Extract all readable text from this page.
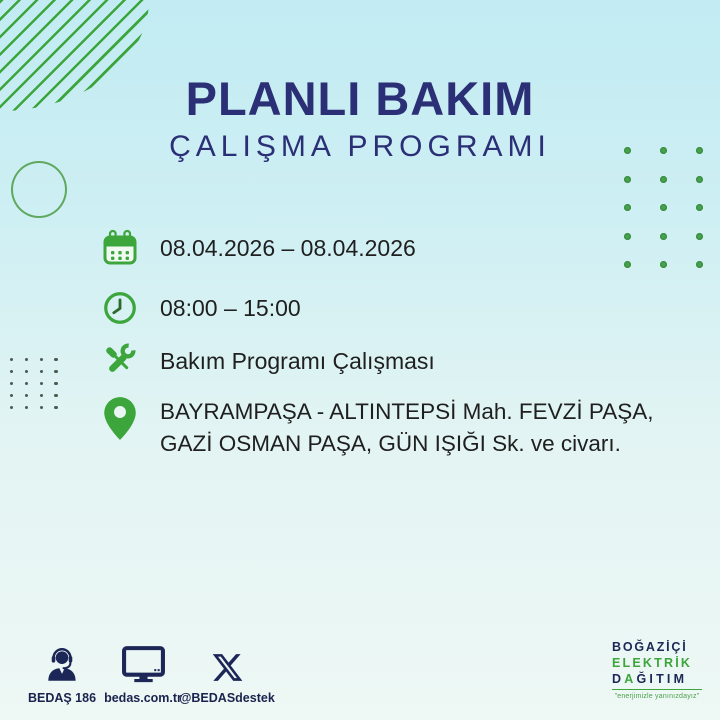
PLANLI BAKIM
ÇALIŞMA PROGRAMI
08.04.2026 – 08.04.2026
08:00 – 15:00
Bakım Programı Çalışması
BAYRAMPAŞA - ALTINTEPSİ Mah. FEVZİ PAŞA, GAZİ OSMAN PAŞA, GÜN IŞIĞI Sk. ve civarı.
BEDAŞ 186 bedas.com.tr
@BEDASdestek
BOĞAZİÇİ
ELEKTRİK
DAĞITIM
"enerjimizle yanınızdayız"
